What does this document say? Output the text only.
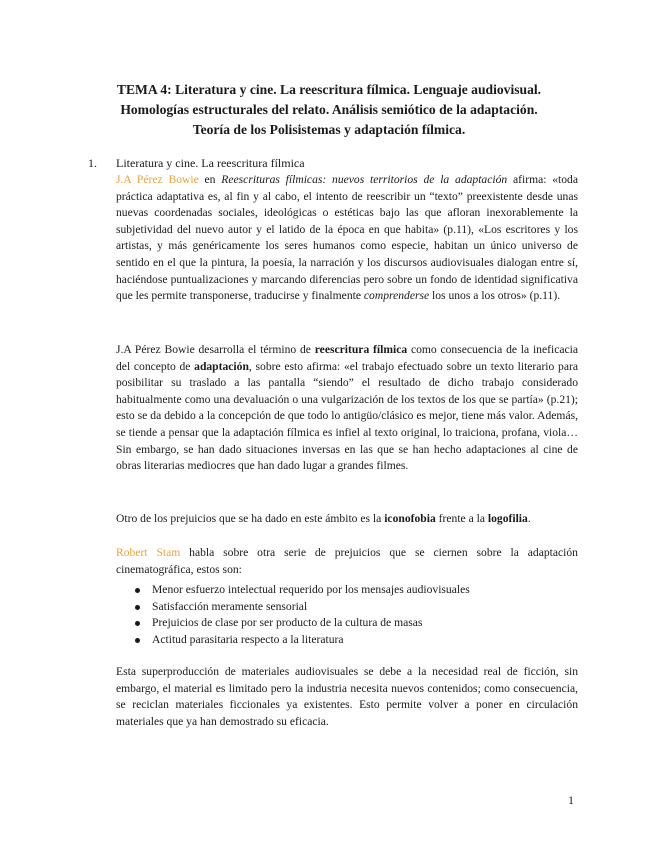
TEMA 4: Literatura y cine. La reescritura fílmica. Lenguaje audiovisual.
Homologías estructurales del relato. Análisis semiótico de la adaptación.
Teoría de los Polisistemas y adaptación fílmica.
1. Literatura y cine. La reescritura fílmica
J.A Pérez Bowie en Reescrituras fílmicas: nuevos territorios de la adaptación afirma: «toda práctica adaptativa es, al fin y al cabo, el intento de reescribir un “texto” preexistente desde unas nuevas coordenadas sociales, ideológicas o estéticas bajo las que afloran inexorablemente la subjetividad del nuevo autor y el latido de la época en que habita» (p.11), «Los escritores y los artistas, y más genéricamente los seres humanos como especie, habitan un único universo de sentido en el que la pintura, la poesía, la narración y los discursos audiovisuales dialogan entre sí, haciéndose puntualizaciones y marcando diferencias pero sobre un fondo de identidad significativa que les permite transponerse, traducirse y finalmente comprenderse los unos a los otros» (p.11).
J.A Pérez Bowie desarrolla el término de reescritura fílmica como consecuencia de la ineficacia del concepto de adaptación, sobre esto afirma: «el trabajo efectuado sobre un texto literario para posibilitar su traslado a las pantalla “siendo” el resultado de dicho trabajo considerado habitualmente como una devaluación o una vulgarización de los textos de los que se partía» (p.21); esto se da debido a la concepción de que todo lo antigüo/clásico es mejor, tiene más valor. Además, se tiende a pensar que la adaptación fílmica es infiel al texto original, lo traiciona, profana, viola… Sin embargo, se han dado situaciones inversas en las que se han hecho adaptaciones al cine de obras literarias mediocres que han dado lugar a grandes filmes.
Otro de los prejuicios que se ha dado en este ámbito es la iconofobia frente a la logofilia.
Robert Stam habla sobre otra serie de prejuicios que se ciernen sobre la adaptación cinematográfica, estos son:
Menor esfuerzo intelectual requerido por los mensajes audiovisuales
Satisfacción meramente sensorial
Prejuicios de clase por ser producto de la cultura de masas
Actitud parasitaria respecto a la literatura
Esta superproducción de materiales audiovisuales se debe a la necesidad real de ficción, sin embargo, el material es limitado pero la industria necesita nuevos contenidos; como consecuencia, se reciclan materiales ficcionales ya existentes. Esto permite volver a poner en circulación materiales que ya han demostrado su eficacia.
1
